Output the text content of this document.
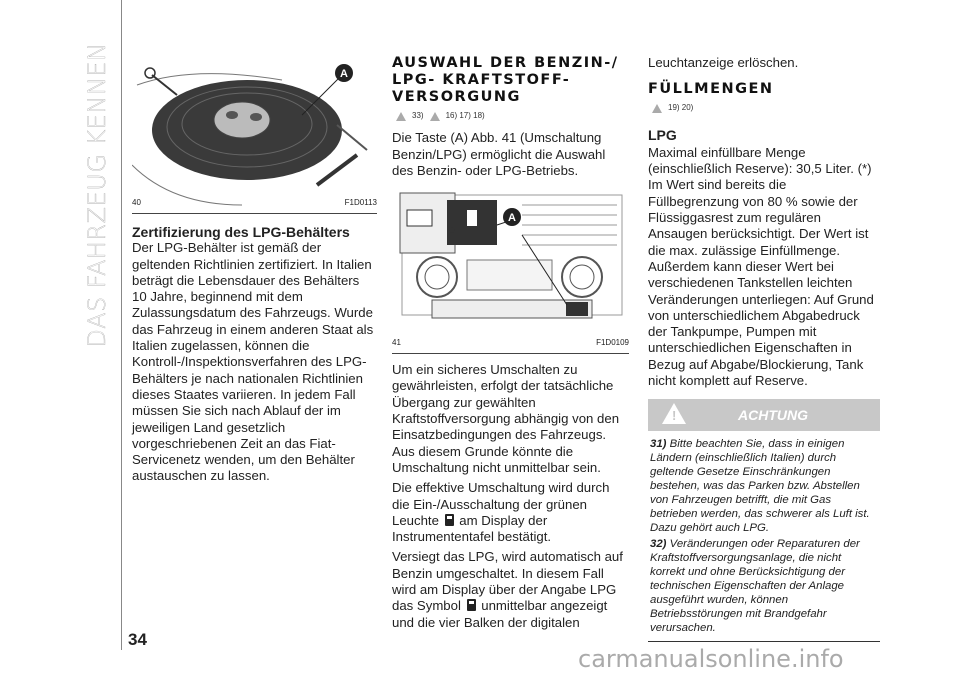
DAS FAHRZEUG KENNEN	A
40	F1D0113
Zertifizierung des LPG-Behälters

Der LPG-Behälter ist gemäß der geltenden Richtlinien zertifiziert. In Italien beträgt die Lebensdauer des Behälters 10 Jahre, beginnend mit dem Zulassungsdatum des Fahrzeugs. Wurde das Fahrzeug in einem anderen Staat als Italien zugelassen, können die Kontroll-/Inspektionsverfahren des LPG-Behälters je nach nationalen Richtlinien dieses Staates variieren. In jedem Fall müssen Sie sich nach Ablauf der im jeweiligen Land gesetzlich vorgeschriebenen Zeit an das Fiat-Servicenetz wenden, um den Behälter austauschen zu lassen.

AUSWAHL DER BENZIN-/ LPG- KRAFTSTOFF-VERSORGUNG
33)	16) 17) 18)

Die Taste (A) Abb. 41 (Umschaltung Benzin/LPG) ermöglicht die Auswahl des Benzin- oder LPG-Betriebs.

A
41	F1D0109

Um ein sicheres Umschalten zu gewährleisten, erfolgt der tatsächliche Übergang zur gewählten Kraftstoffversorgung abhängig von den Einsatzbedingungen des Fahrzeugs. Aus diesem Grunde könnte die Umschaltung nicht unmittelbar sein.

Die effektive Umschaltung wird durch die Ein-/Ausschaltung der grünen Leuchte am Display der Instrumententafel bestätigt.

Versiegt das LPG, wird automatisch auf Benzin umgeschaltet. In diesem Fall wird am Display über der Angabe LPG das Symbol unmittelbar angezeigt und die vier Balken der digitalen

Leuchtanzeige erlöschen.

FÜLLMENGEN
19) 20)
LPG

Maximal einfüllbare Menge (einschließlich Reserve): 30,5 Liter. (*) Im Wert sind bereits die Füllbegrenzung von 80 % sowie der Flüssiggasrest zum regulären Ansaugen berücksichtigt. Der Wert ist die max. zulässige Einfüllmenge. Außerdem kann dieser Wert bei verschiedenen Tankstellen leichten Veränderungen unterliegen: Auf Grund von unterschiedlichem Abgabedruck der Tankpumpe, Pumpen mit unterschiedlichen Eigenschaften in Bezug auf Abgabe/Blockierung, Tank nicht komplett auf Reserve.

!
ACHTUNG
31) Bitte beachten Sie, dass in einigen Ländern (einschließlich Italien) durch geltende Gesetze Einschränkungen bestehen, was das Parken bzw. Abstellen von Fahrzeugen betrifft, die mit Gas betrieben werden, das schwerer als Luft ist. Dazu gehört auch LPG.
32) Veränderungen oder Reparaturen der Kraftstoffversorgungsanlage, die nicht korrekt und ohne Berücksichtigung der technischen Eigenschaften der Anlage ausgeführt wurden, können Betriebsstörungen mit Brandgefahr verursachen.
34
carmanualsonline.info
